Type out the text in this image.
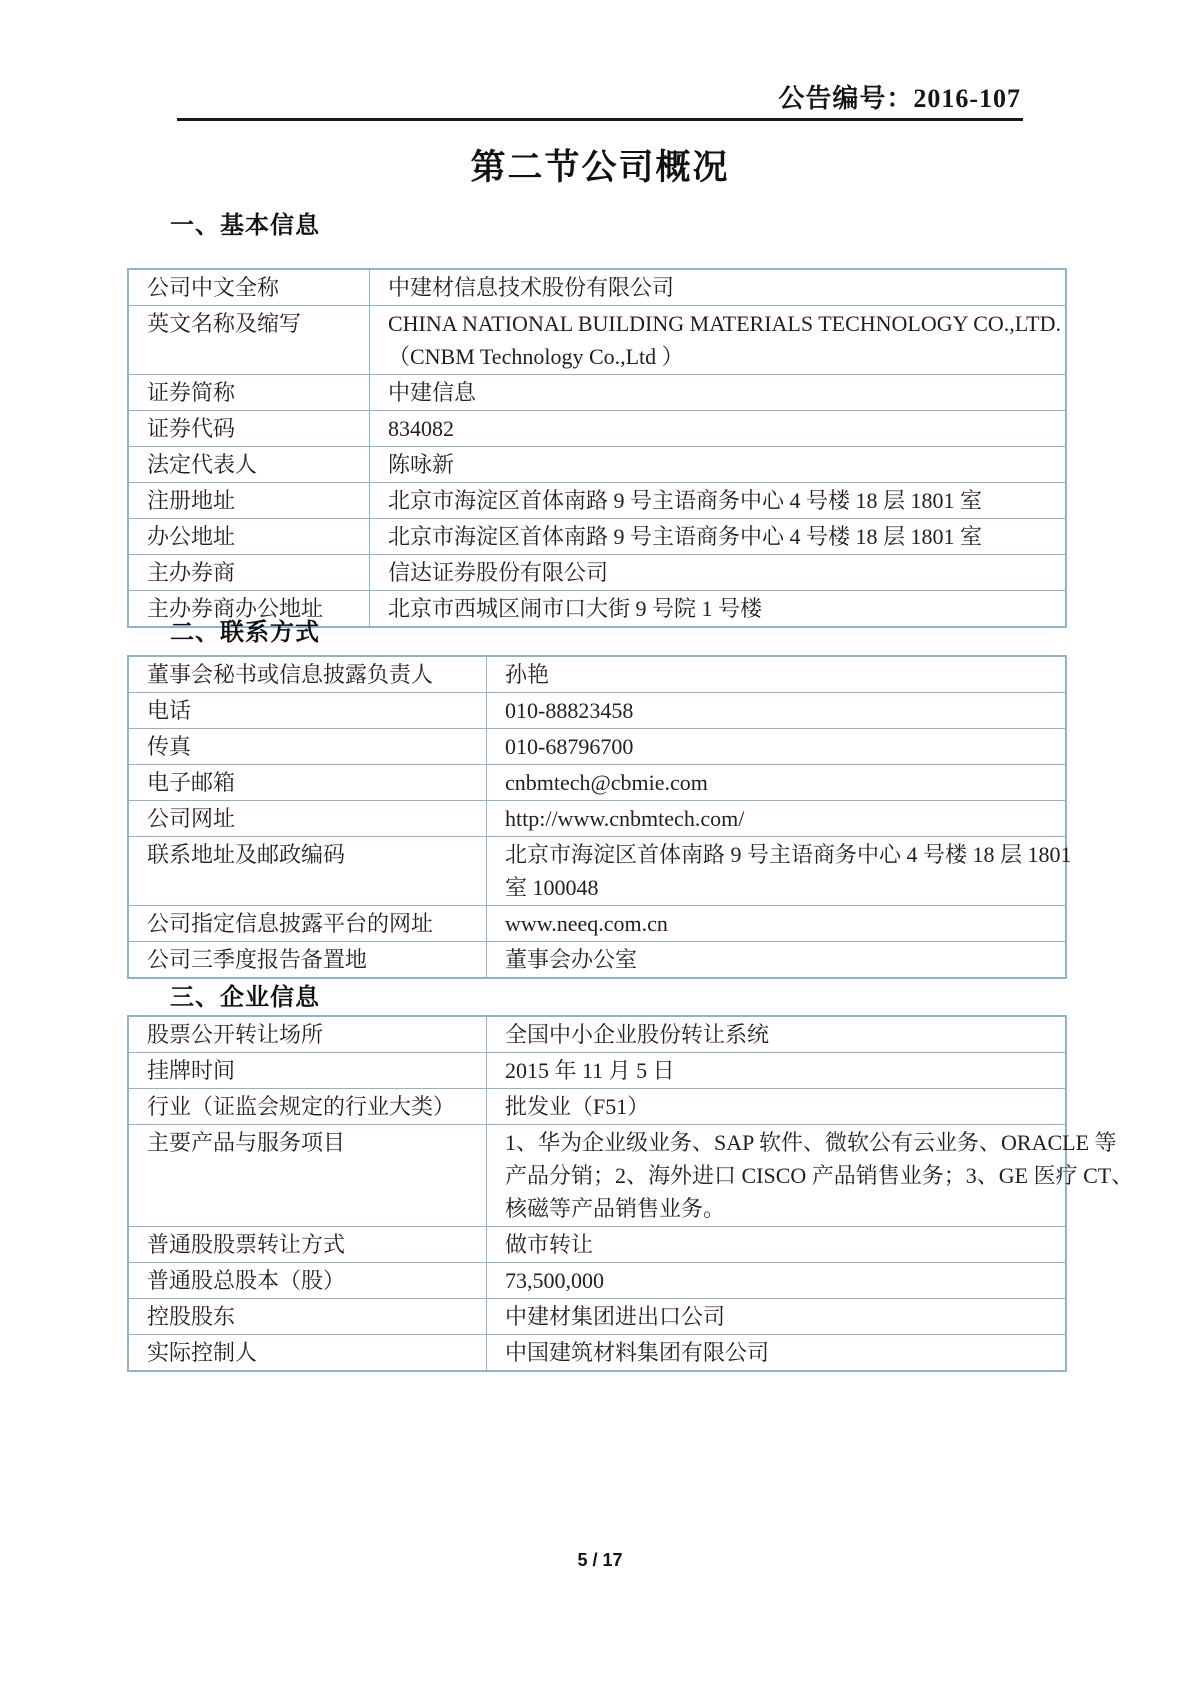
公告编号：2016-107
第二节公司概况
一、基本信息
公司中文全称	中建材信息技术股份有限公司
英文名称及缩写	CHINA NATIONAL BUILDING MATERIALS TECHNOLOGY CO.,LTD.
（CNBM Technology Co.,Ltd ）
证券简称	中建信息
证券代码	834082
法定代表人	陈咏新
注册地址	北京市海淀区首体南路 9 号主语商务中心 4 号楼 18 层 1801 室
办公地址	北京市海淀区首体南路 9 号主语商务中心 4 号楼 18 层 1801 室
主办券商	信达证券股份有限公司
主办券商办公地址	北京市西城区闹市口大街 9 号院 1 号楼
二、联系方式
董事会秘书或信息披露负责人	孙艳
电话	010-88823458
传真	010-68796700
电子邮箱	cnbmtech@cbmie.com
公司网址	http://www.cnbmtech.com/
联系地址及邮政编码	北京市海淀区首体南路 9 号主语商务中心 4 号楼 18 层 1801
室 100048
公司指定信息披露平台的网址	www.neeq.com.cn
公司三季度报告备置地	董事会办公室
三、企业信息
股票公开转让场所	全国中小企业股份转让系统
挂牌时间	2015 年 11 月 5 日
行业（证监会规定的行业大类）	批发业（F51）
主要产品与服务项目	1、华为企业级业务、SAP 软件、微软公有云业务、ORACLE 等
产品分销；2、海外进口 CISCO 产品销售业务；3、GE 医疗 CT、
核磁等产品销售业务。
普通股股票转让方式	做市转让
普通股总股本（股）	73,500,000
控股股东	中建材集团进出口公司
实际控制人	中国建筑材料集团有限公司
5 / 17
